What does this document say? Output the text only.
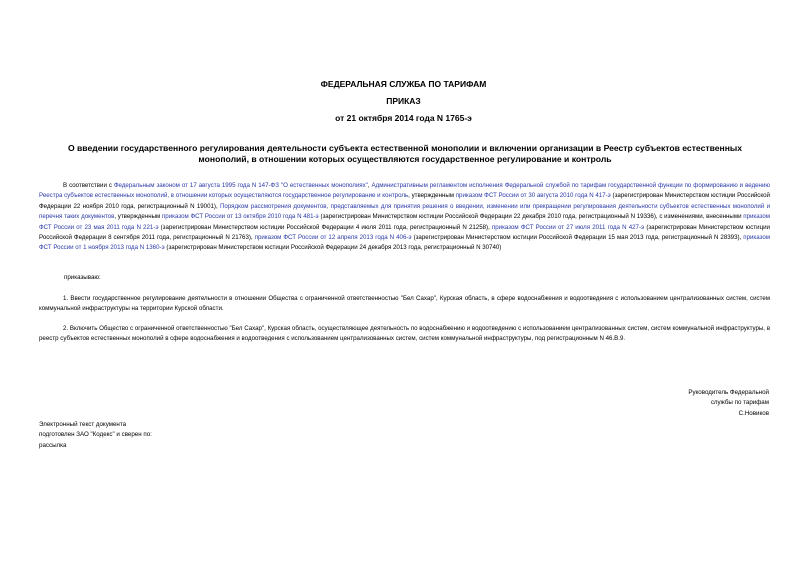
ФЕДЕРАЛЬНАЯ СЛУЖБА ПО ТАРИФАМ
ПРИКАЗ
от 21 октября 2014 года N 1765-э
О введении государственного регулирования деятельности субъекта естественной монополии и включении организации в Реестр субъектов естественных монополий, в отношении которых осуществляются государственное регулирование и контроль
В соответствии с Федеральным законом от 17 августа 1995 года N 147-ФЗ "О естественных монополиях", Административным регламентом исполнения Федеральной службой по тарифам государственной функции по формированию и ведению Реестра субъектов естественных монополий, в отношении которых осуществляются государственное регулирование и контроль, утвержденным приказом ФСТ России от 30 августа 2010 года N 417-э (зарегистрирован Министерством юстиции Российской Федерации 22 ноября 2010 года, регистрационный N 19001), Порядком рассмотрения документов, представляемых для принятия решения о введении, изменении или прекращении регулирования деятельности субъектов естественных монополий и перечня таких документов, утвержденным приказом ФСТ России от 13 октября 2010 года N 481-э (зарегистрирован Министерством юстиции Российской Федерации 22 декабря 2010 года, регистрационный N 19336), с изменениями, внесенными приказом ФСТ России от 23 мая 2011 года N 221-э (зарегистрирован Министерством юстиции Российской Федерации 4 июля 2011 года, регистрационный N 21258), приказом ФСТ России от 27 июля 2011 года N 427-э (зарегистрирован Министерством юстиции Российской Федерации 8 сентября 2011 года, регистрационный N 21763), приказом ФСТ России от 12 апреля 2013 года N 406-э (зарегистрирован Министерством юстиции Российской Федерации 15 мая 2013 года, регистрационный N 28393), приказом ФСТ России от 1 ноября 2013 года N 1360-э (зарегистрирован Министерством юстиции Российской Федерации 24 декабря 2013 года, регистрационный N 30740)
приказываю:
1. Ввести государственное регулирование деятельности в отношении Общества с ограниченной ответственностью "Бел Сахар", Курская область, в сфере водоснабжения и водоотведения с использованием централизованных систем, систем коммунальной инфраструктуры на территории Курской области.
2. Включить Общество с ограниченной ответственностью "Бел Сахар", Курская область, осуществляющее деятельность по водоснабжению и водоотведению с использованием централизованных систем, систем коммунальной инфраструктуры, в реестр субъектов естественных монополий в сфере водоснабжения и водоотведения с использованием централизованных систем, систем коммунальной инфраструктуры, под регистрационным N 46.В.9.
Руководитель Федеральной
службы по тарифам
С.Новиков
Электронный текст документа
подготовлен ЗАО "Кодекс" и сверен по:
рассылка
